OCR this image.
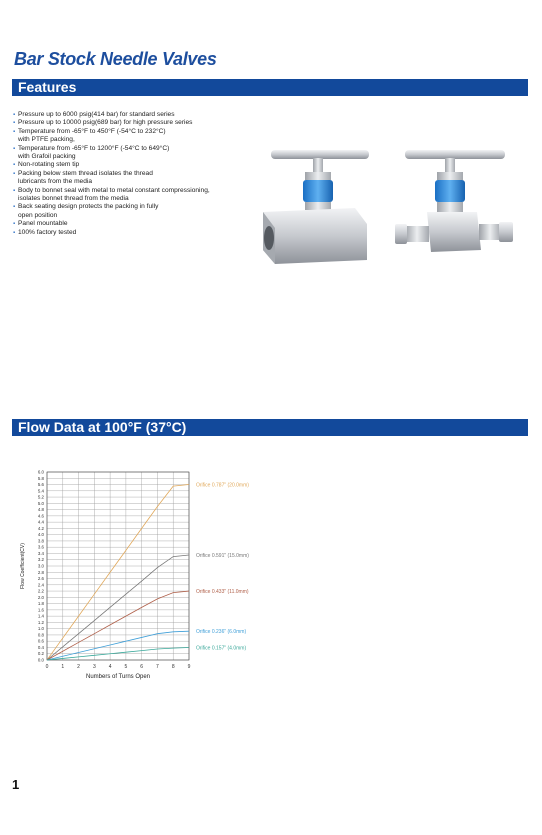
Bar Stock Needle Valves
Features
▪ Pressure up to 6000 psig(414 bar) for standard series
▪ Pressure up to 10000 psig(689 bar) for high pressure series
▪ Temperature from -65°F to 450°F (-54°C to 232°C)
with PTFE packing,
▪ Temperature from -65°F to 1200°F (-54°C to 649°C)
with Grafoil packing
▪ Non-rotating stem tip
▪ Packing below stem thread isolates the thread
lubricants from the media
▪ Body to bonnet seal with metal to metal constant compressioning,
isolates bonnet thread from the media
▪ Back seating design protects the packing in fully
open position
▪ Panel mountable
▪ 100% factory tested
Flow Data at 100°F (37°C)
0.0
0.2
0.4
0.6
0.8
1.0
1.2
1.4
1.6
1.8
2.0
2.2
2.4
2.6
2.8
3.0
3.2
3.4
3.6
3.8
4.0
4.2
4.4
4.6
4.8
5.0
5.2
5.4
5.6
5.8
6.0
0	1	2	3	4	5	6	7	8	9
Numbers of Turns Open
Flow Coefficient(CV)
Orifice 0.787" (20.0mm)
Orifice 0.591" (15.0mm)
Orifice 0.433" (11.0mm)
Orifice 0.236" (6.0mm)
Orifice 0.157" (4.0mm)
1
